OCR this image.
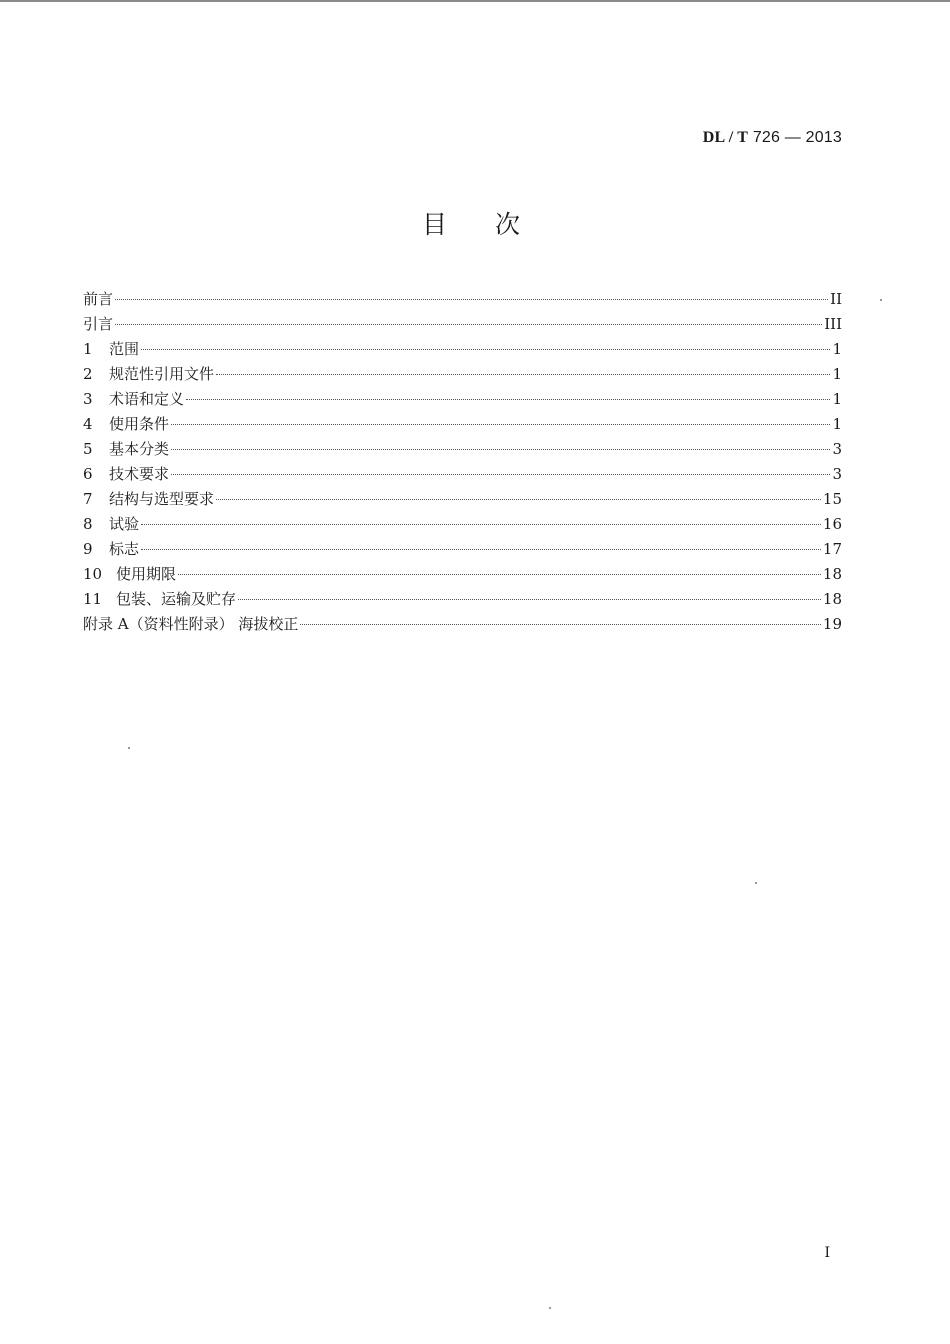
DL / T 726 — 2013
目次
前言	II
引言	III
1	范围	1
2	规范性引用文件	1
3	术语和定义	1
4	使用条件	1
5	基本分类	3
6	技术要求	3
7	结构与选型要求	15
8	试验	16
9	标志	17
10 使用期限	18
11 包装、运输及贮存	18
附录 A（资料性附录） 海拔校正	19
I
